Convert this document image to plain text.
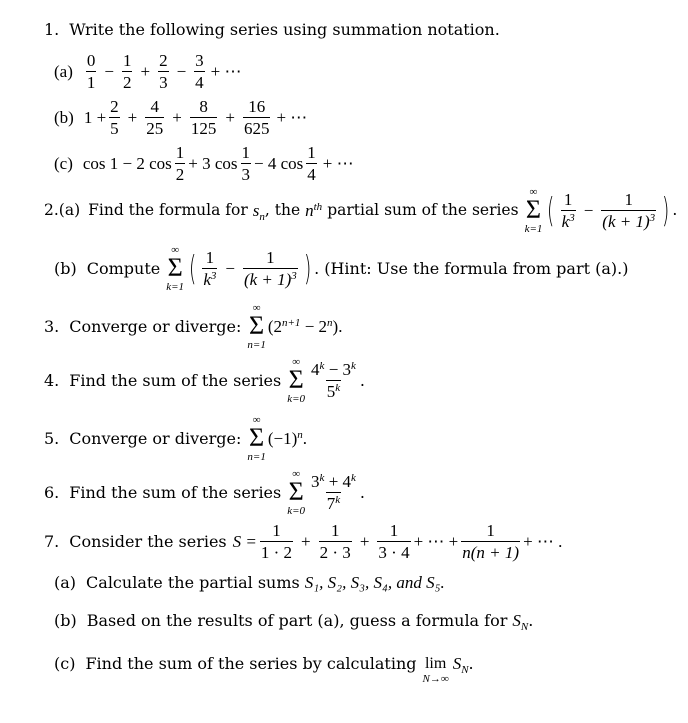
1. Write the following series using summation notation.
$(a) \frac{0}{1} - \frac{1}{2} + \frac{2}{3} - \frac{3}{4}$ + ⋯
(b) $1 + \frac{2}{5} + \frac{4}{25} + \frac{8}{125} + \frac{16}{625}$ + ⋯
(c) cos 1 − 2 $\cos \frac{1}{2} + 3$ $\cos \frac{1}{3} - 4$ $\cos \frac{1}{4}$ + ⋯
2.(a) Find the formula for $s_n$ , the $n^{th}$ partial sum of the series
∞
Σ
k=1 ( $\frac{1}{k^3} - \frac{1}{(k + 1)^3}$ ) .
(b) Compute
∞
Σ
k=1 ( $\frac{1}{k^3} - \frac{1}{(k + 1)^3}$ ) . (Hint: Use the formula from part (a).)
3. Converge or diverge:
∞
Σ
n=1
$(2^{n+1} - 2^n)$.
4. Find the sum of the series
∞
Σ
$k=0 \frac{4^k - 3^k}{5^k}$ .
5. Converge or diverge:
∞
Σ
n=1
$(-1)^n$.
6. Find the sum of the series
∞
Σ
$k=0 \frac{3^k + 4^k}{7^k}$ .
7. Consider the series $S = \frac{1}{1 \cdot 2} + \frac{1}{2 \cdot 3} + \frac{1}{3 \cdot 4}$ + ⋯ + $\frac{1}{n(n + 1)}$ + ⋯ .
(a) Calculate the partial sums S₁, S₂, S₃, S₄, and S₅.
(b) Based on the results of part (a), guess a formula for $S_N$ .
(c) Find the sum of the series by calculating lim
N→∞
$S_N$ .
